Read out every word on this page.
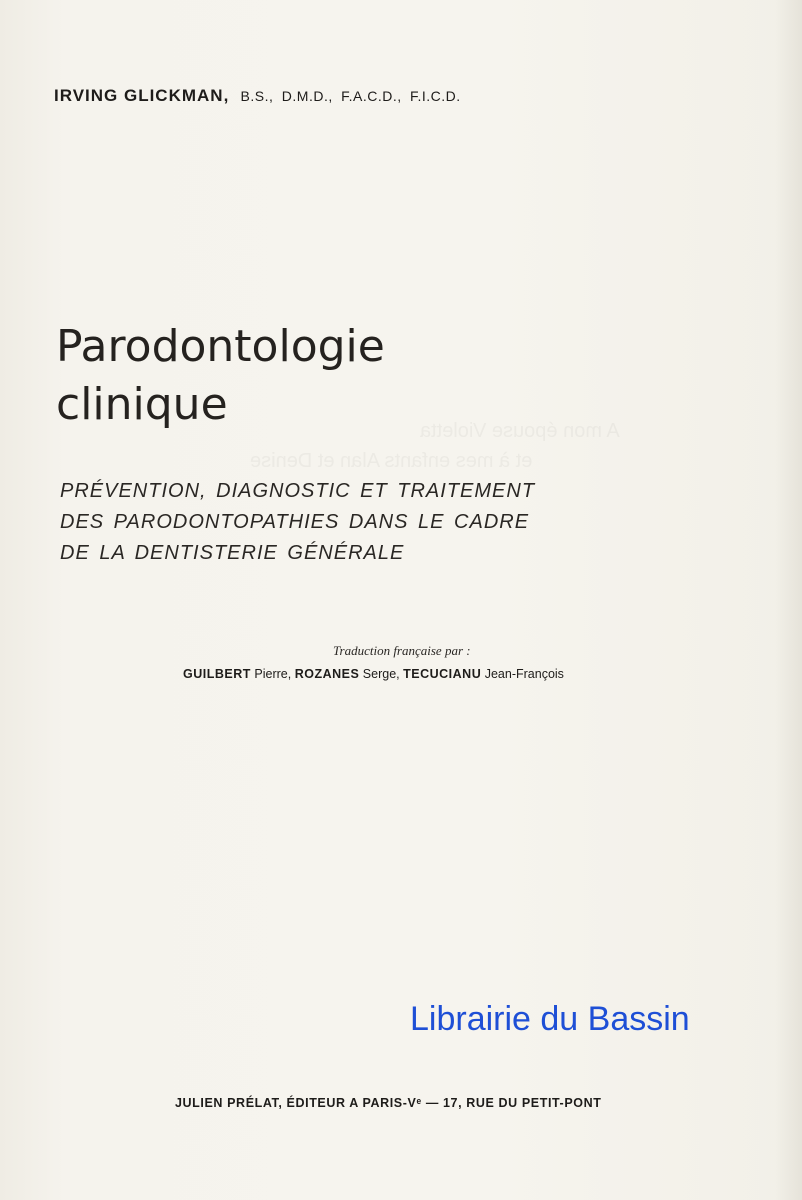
A mon épouse Violetta
et à mes enfants Alan et Denise
IRVING GLICKMAN, B.S., D.M.D., F.A.C.D., F.I.C.D.
Parodontologie
clinique
PRÉVENTION, DIAGNOSTIC ET TRAITEMENT
DES PARODONTOPATHIES DANS LE CADRE
DE LA DENTISTERIE GÉNÉRALE
Traduction française par :
GUILBERT Pierre, ROZANES Serge, TECUCIANU Jean-François
Librairie du Bassin
JULIEN PRÉLAT, ÉDITEUR A PARIS-Vᵉ — 17, RUE DU PETIT-PONT
